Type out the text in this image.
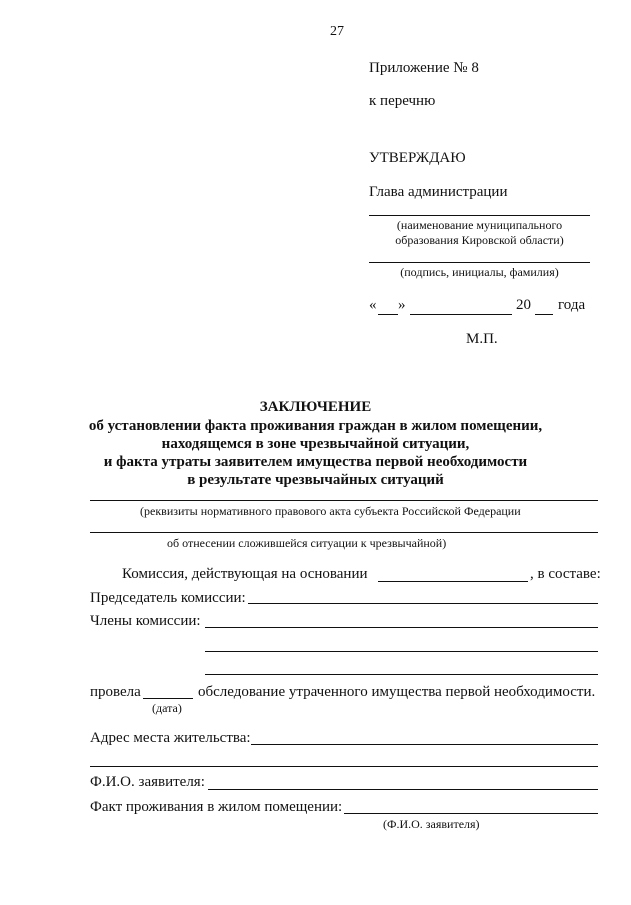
27
Приложение № 8
к перечню
УТВЕРЖДАЮ
Глава администрации
(наименование муниципального
образования Кировской области)
(подпись, инициалы, фамилия)
« »	20 года
М.П.
ЗАКЛЮЧЕНИЕ
об установлении факта проживания граждан в жилом помещении,
находящемся в зоне чрезвычайной ситуации,
и факта утраты заявителем имущества первой необходимости
в результате чрезвычайных ситуаций
(реквизиты нормативного правового акта субъекта Российской Федерации
об отнесении сложившейся ситуации к чрезвычайной)
Комиссия, действующая на основании	, в составе:
Председатель комиссии:
Члены комиссии:
провела
(дата)
обследование утраченного имущества первой необходимости.
Адрес места жительства:
Ф.И.О. заявителя:
Факт проживания в жилом помещении:
(Ф.И.О. заявителя)
